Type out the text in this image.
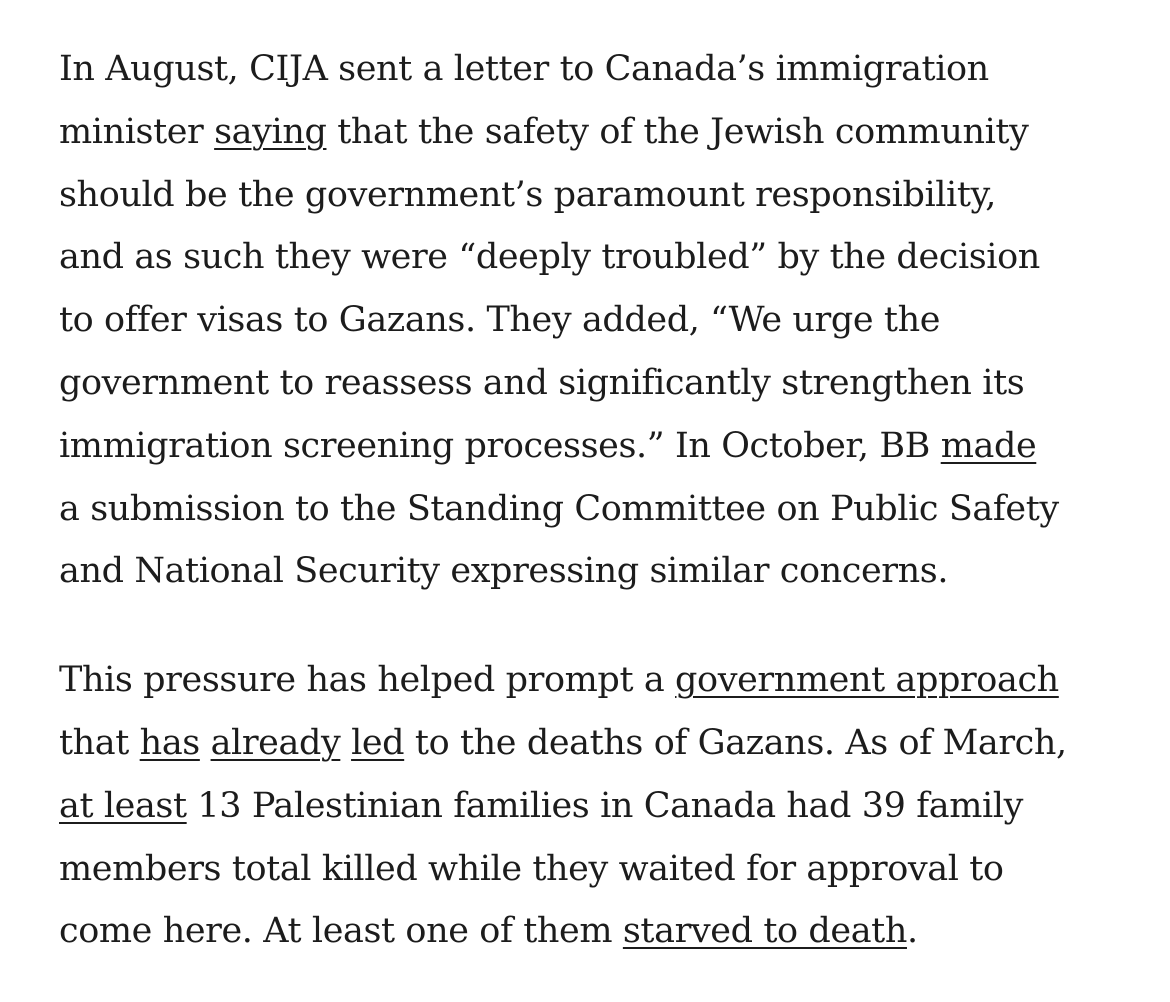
In August, CIJA sent a letter to Canada’s immigration
minister saying that the safety of the Jewish community
should be the government’s paramount responsibility,
and as such they were “deeply troubled” by the decision
to offer visas to Gazans. They added, “We urge the
government to reassess and significantly strengthen its
immigration screening processes.” In October, BB made
a submission to the Standing Committee on Public Safety
and National Security expressing similar concerns.

This pressure has helped prompt a government approach
that has already led to the deaths of Gazans. As of March,
at least 13 Palestinian families in Canada had 39 family
members total killed while they waited for approval to
come here. At least one of them starved to death.
